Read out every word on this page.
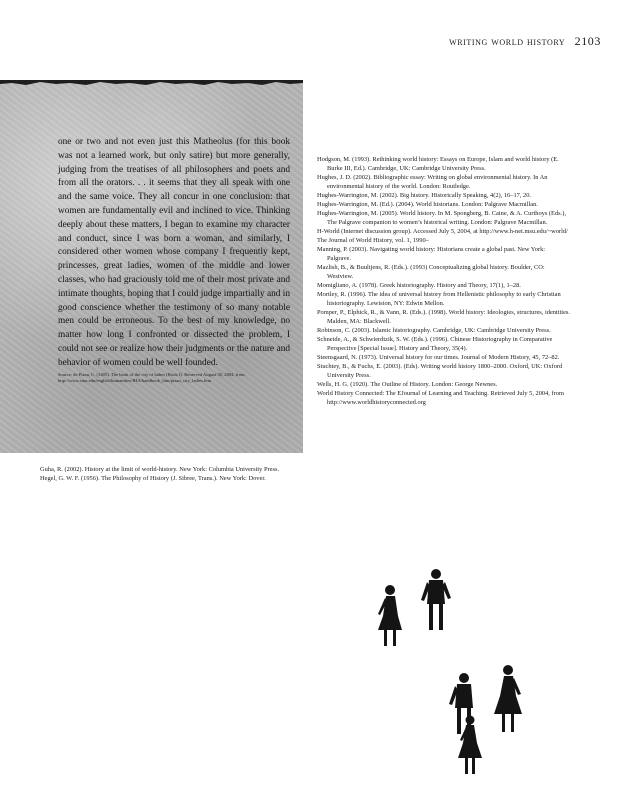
writing world history 2103

one or two and not even just this Matheolus (for this book was not a learned work, but only satire) but more generally, judging from the treatises of all philosophers and poets and from all the orators. . . it seems that they all speak with one and the same voice. They all concur in one conclusion: that women are fundamentally evil and inclined to vice. Thinking deeply about these matters, I began to examine my character and conduct, since I was born a woman, and similarly, I considered other women whose company I frequently kept, princesses, great ladies, women of the middle and lower classes, who had graciously told me of their most private and intimate thoughts, hoping that I could judge impartially and in good conscience whether the testimony of so many notable men could be erroneous. To the best of my knowledge, no matter how long I confronted or dissected the problem, I could not see or realize how their judgments or the nature and behavior of women could be well founded.

Source: de Pizan, C. (1405). The book of the city of ladies (Book I). Retrieved August 30, 2004, from http://www.smu.edu/english/humanities/IHA/handbook_htm/pizan_city_ladies.htm

Guha, R. (2002). History at the limit of world-history. New York: Columbia University Press.

Hegel, G. W. F. (1956). The Philosophy of History (J. Sibree, Trans.). New York: Dover.

Hodgson, M. (1993). Rethinking world history: Essays on Europe, Islam and world history (E. Burke III, Ed.). Cambridge, UK: Cambridge University Press.

Hughes, J. D. (2002). Bibliographic essay: Writing on global environmental history. In An environmental history of the world. London: Routledge.

Hughes-Warrington, M. (2002). Big history. Historically Speaking, 4(2), 16–17, 20.

Hughes-Warrington, M. (Ed.). (2004). World historians. London: Palgrave Macmillan.

Hughes-Warrington, M. (2005). World history. In M. Spongberg, B. Caine, & A. Curthoys (Eds.), The Palgrave companion to women’s historical writing. London: Palgrave Macmillan.

H-World (Internet discussion group). Accessed July 5, 2004, at http://www.h-net.msu.edu/~world/

The Journal of World History, vol. 1, 1990–

Manning, P. (2003). Navigating world history: Historians create a global past. New York: Palgrave.

Mazlish, B., & Buultjens, R. (Eds.). (1993) Conceptualizing global history. Boulder, CO: Westview.

Momigliano, A. (1978). Greek historiography. History and Theory, 17(1), 1–28.

Mortley, R. (1996). The idea of universal history from Hellenistic philosophy to early Christian historiography. Lewiston, NY: Edwin Mellon.

Pomper, P., Elphick, R., & Vann, R. (Eds.). (1998). World history: Ideologies, structures, identities. Malden, MA: Blackwell.

Robinson, C. (2003). Islamic historiography. Cambridge, UK: Cambridge University Press.

Schneide, A., & Schwierdtzik, S. W. (Eds.). (1996). Chinese Historiography in Comparative Perspective [Special Issue]. History and Theory, 35(4).

Steensgaard, N. (1973). Universal history for our times. Journal of Modern History, 45, 72–82.

Stuchtey, B., & Fuchs, E. (2003). (Eds). Writing world history 1800–2000. Oxford, UK: Oxford University Press.

Wells, H. G. (1920). The Outline of History. London: George Newnes.

World History Connected: The EJournal of Learning and Teaching. Retrieved July 5, 2004, from http://www.worldhistoryconnected.org
